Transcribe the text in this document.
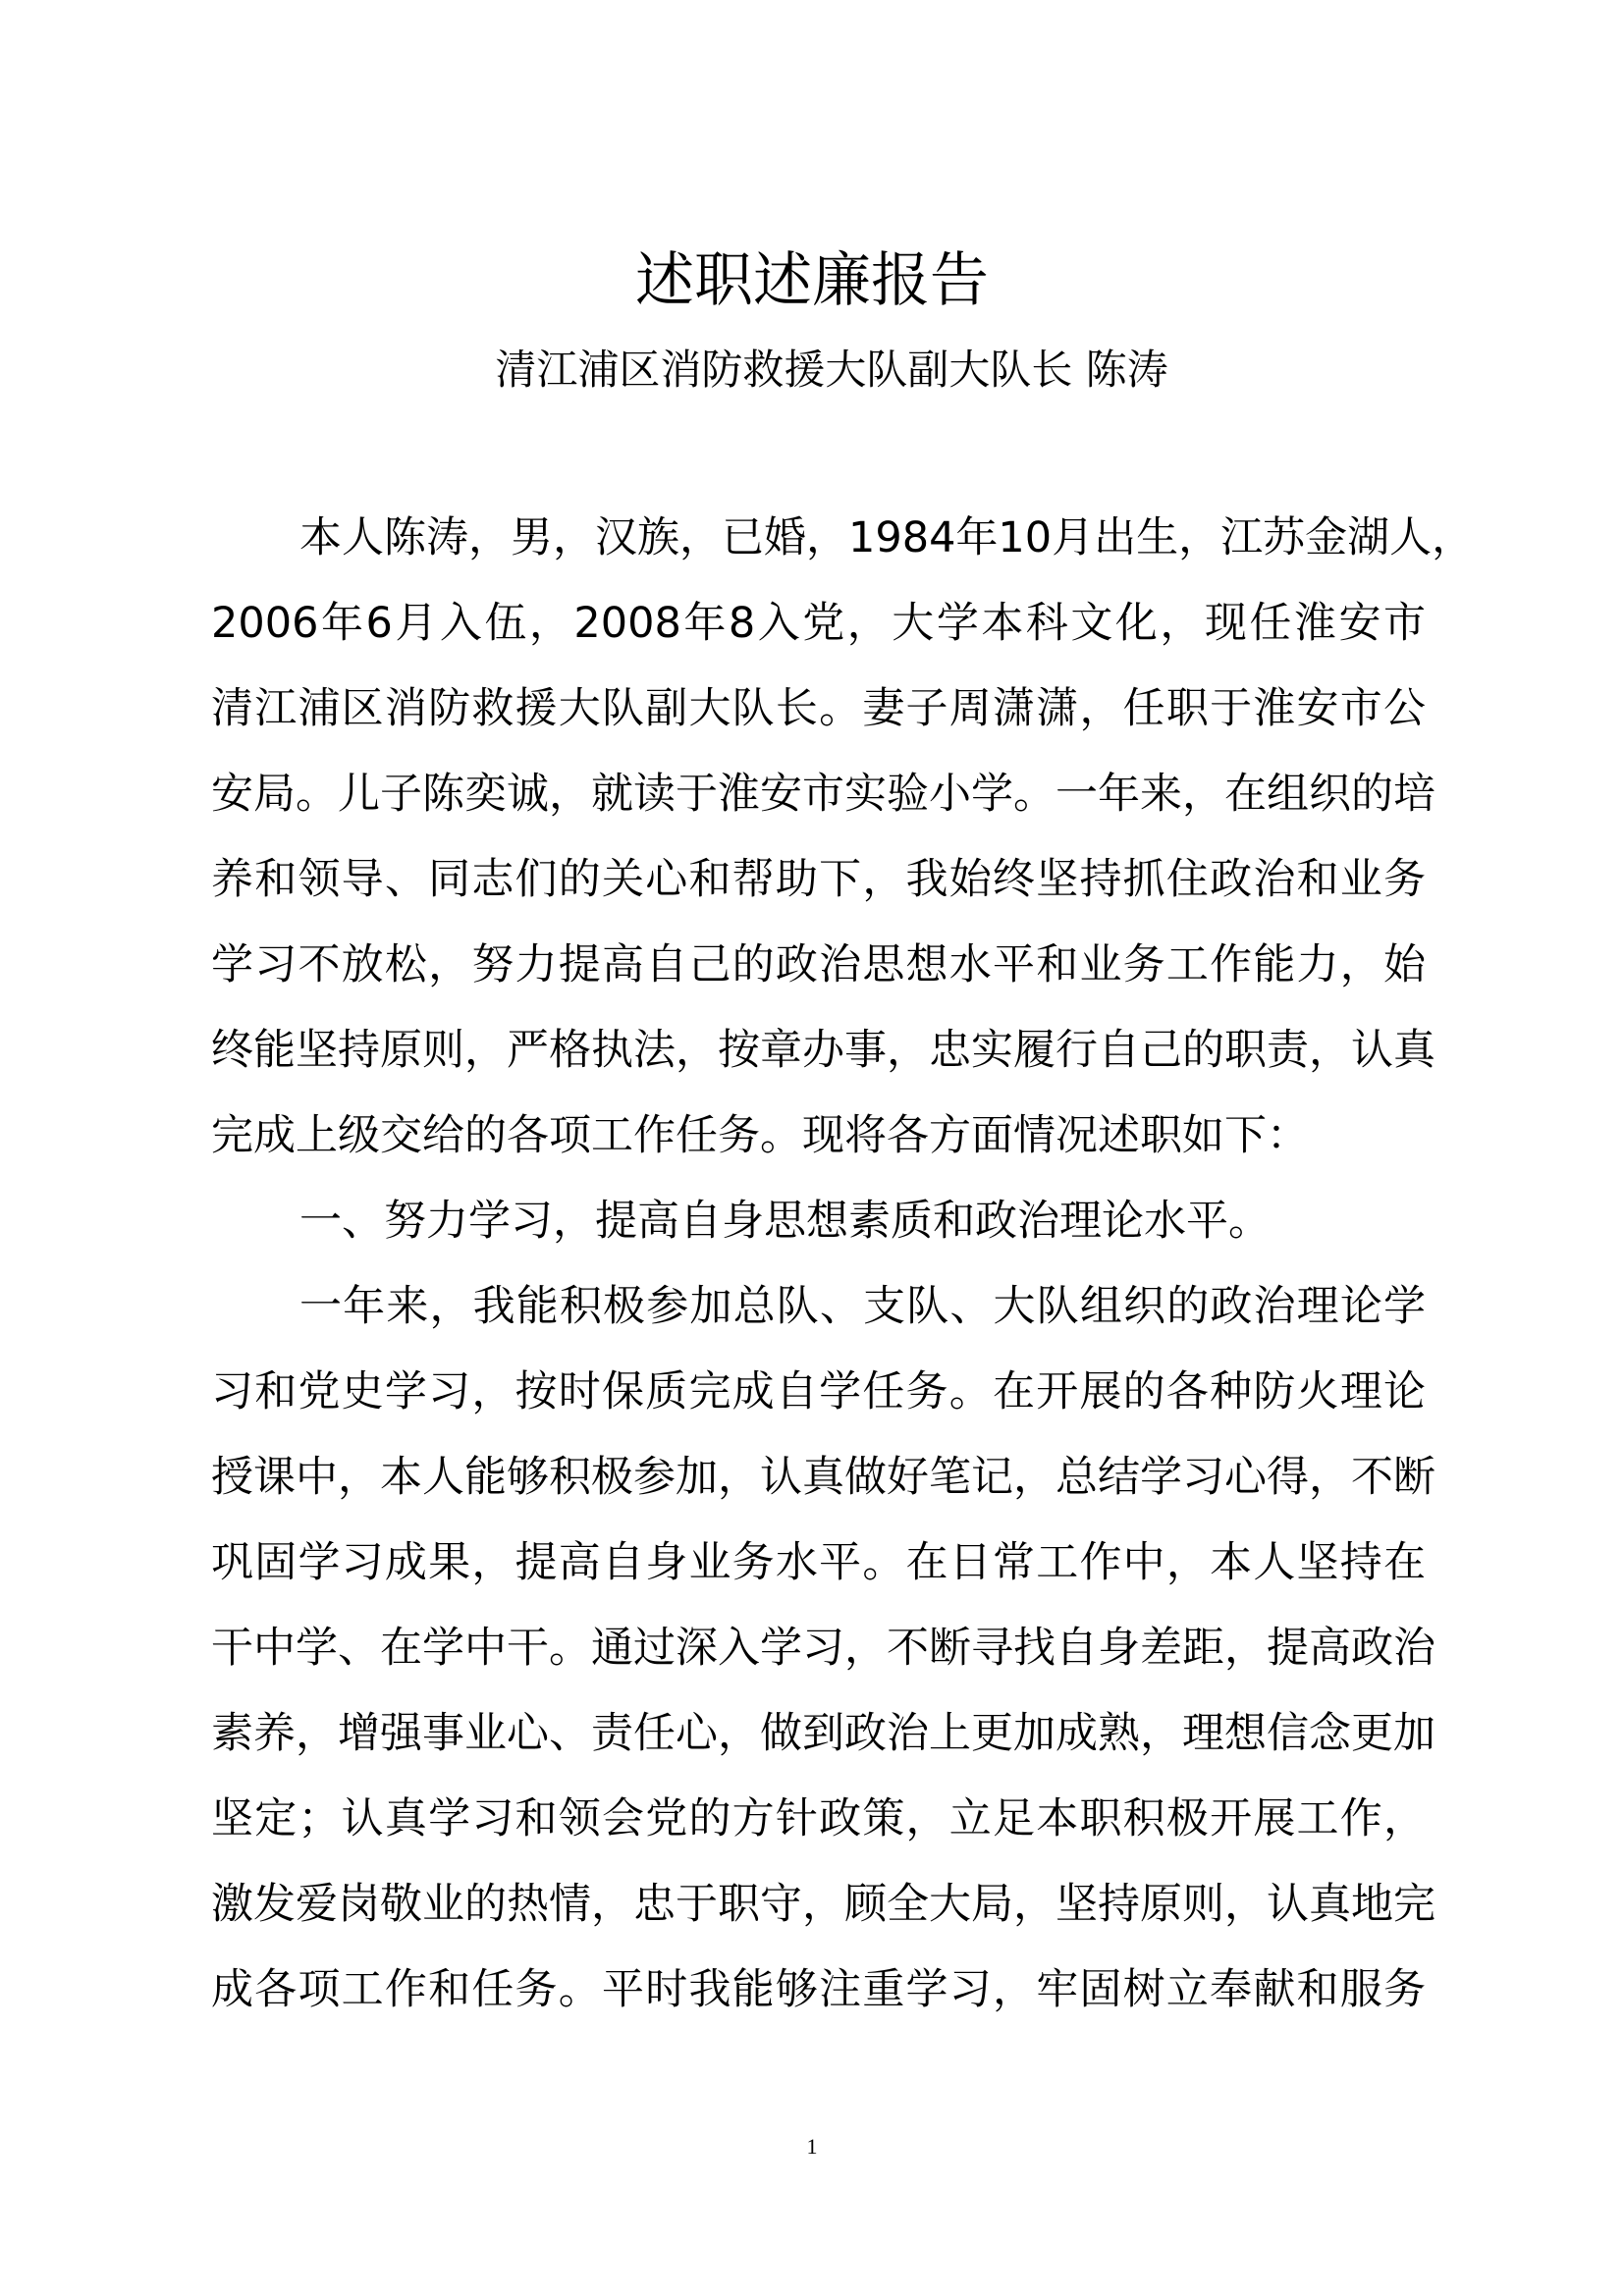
述职述廉报告
清江浦区消防救援大队副大队长 陈涛
本人陈涛，男，汉族，已婚，1984年10月出生，江苏金湖人，
2006年6月入伍，2008年8入党，大学本科文化，现任淮安市
清江浦区消防救援大队副大队长。妻子周潇潇，任职于淮安市公
安局。儿子陈奕诚，就读于淮安市实验小学。一年来，在组织的培
养和领导、同志们的关心和帮助下，我始终坚持抓住政治和业务
学习不放松，努力提高自己的政治思想水平和业务工作能力，始
终能坚持原则，严格执法，按章办事，忠实履行自己的职责，认真
完成上级交给的各项工作任务。现将各方面情况述职如下：
一、努力学习，提高自身思想素质和政治理论水平。
一年来，我能积极参加总队、支队、大队组织的政治理论学
习和党史学习，按时保质完成自学任务。在开展的各种防火理论
授课中，本人能够积极参加，认真做好笔记，总结学习心得，不断
巩固学习成果，提高自身业务水平。在日常工作中，本人坚持在
干中学、在学中干。通过深入学习，不断寻找自身差距，提高政治
素养，增强事业心、责任心，做到政治上更加成熟，理想信念更加
坚定；认真学习和领会党的方针政策，立足本职积极开展工作，
激发爱岗敬业的热情，忠于职守，顾全大局，坚持原则，认真地完
成各项工作和任务。平时我能够注重学习，牢固树立奉献和服务
1
